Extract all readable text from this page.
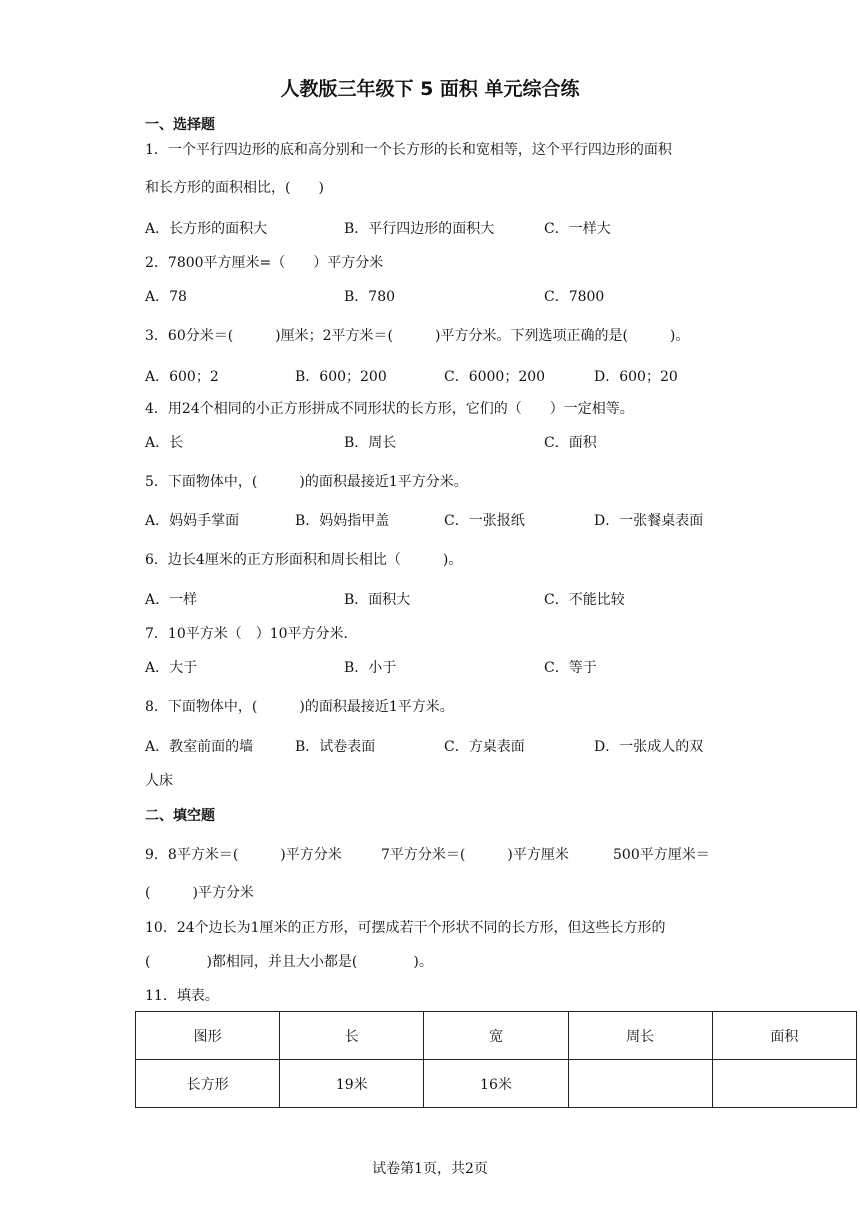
人教版三年级下 5 面积 单元综合练
一、选择题
1．一个平行四边形的底和高分别和一个长方形的长和宽相等，这个平行四边形的面积
和长方形的面积相比，(　　)
A．长方形的面积大	B．平行四边形的面积大	C．一样大
2．7800平方厘米=（　　）平方分米
A．78	B．780	C．7800
3．60分米＝(　　　)厘米；2平方米＝(　　　)平方分米。下列选项正确的是(　　　)。
A．600；2	B．600；200	C．6000；200	D．600；20
4．用24个相同的小正方形拼成不同形状的长方形，它们的（　　）一定相等。
A．长	B．周长	C．面积
5．下面物体中，(　　　)的面积最接近1平方分米。
A．妈妈手掌面	B．妈妈指甲盖	C．一张报纸	D．一张餐桌表面
6．边长4厘米的正方形面积和周长相比（　　　)。
A．一样	B．面积大	C．不能比较
7．10平方米（　）10平方分米．
A．大于	B．小于	C．等于
8．下面物体中，(　　　)的面积最接近1平方米。
A．教室前面的墙	B．试卷表面	C．方桌表面	D．一张成人的双
人床
二、填空题
9．8平方米＝(　　　)平方分米	7平方分米＝(　　　)平方厘米	500平方厘米＝
(　　　)平方分米
10．24个边长为1厘米的正方形，可摆成若干个形状不同的长方形，但这些长方形的
(　　　　)都相同，并且大小都是(　　　　)。
11．填表。
图形	长	宽	周长	面积
长方形	19米	16米		
试卷第1页，共2页
